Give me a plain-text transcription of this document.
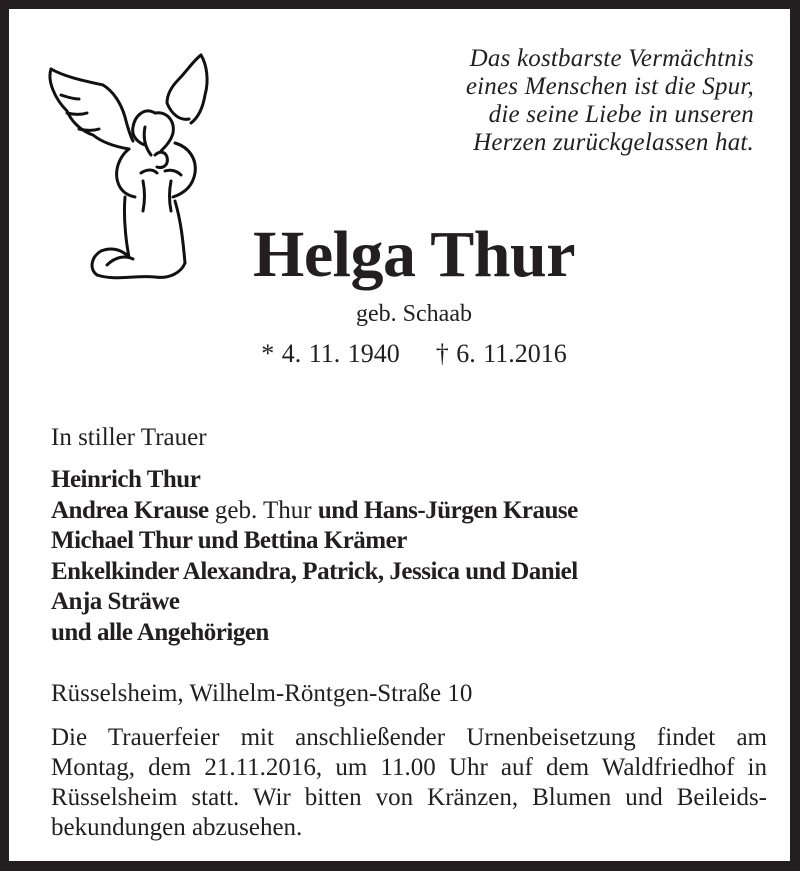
Das kostbarste Vermächtnis
eines Menschen ist die Spur,
die seine Liebe in unseren
Herzen zurückgelassen hat.
Helga Thur
geb. Schaab
* 4. 11. 1940 † 6. 11.2016
In stiller Trauer
Heinrich Thur
Andrea Krause geb. Thur und Hans-Jürgen Krause
Michael Thur und Bettina Krämer
Enkelkinder Alexandra, Patrick, Jessica und Daniel
Anja Sträwe
und alle Angehörigen
Rüsselsheim, Wilhelm-Röntgen-Straße 10
Die Trauerfeier mit anschließender Urnenbeisetzung findet am
Montag, dem 21.11.2016, um 11.00 Uhr auf dem Waldfriedhof in
Rüsselsheim statt. Wir bitten von Kränzen, Blumen und Beileids-
bekundungen abzusehen.
